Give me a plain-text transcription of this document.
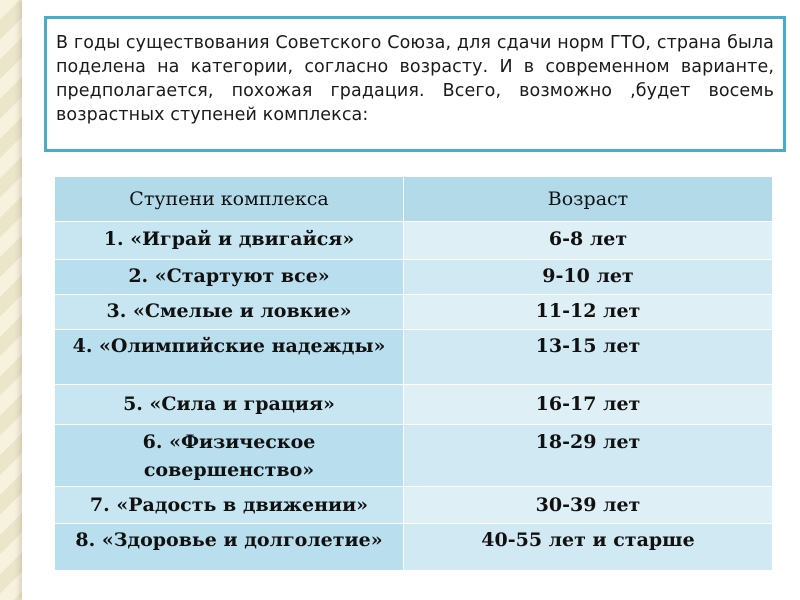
В годы существования Советского Союза, для сдачи норм ГТО, страна была поделена на категории, согласно возрасту. И в современном варианте, предполагается, похожая градация. Всего, возможно ,будет восемь возрастных ступеней комплекса:
Ступени комплекса	Возраст
1. «Играй и двигайся»	6-8 лет
2. «Стартуют все»	9-10 лет
3. «Смелые и ловкие»	11-12 лет
4. «Олимпийские надежды»	13-15 лет
5. «Сила и грация»	16-17 лет
6. «Физическое совершенство»	18-29 лет
7. «Радость в движении»	30-39 лет
8. «Здоровье и долголетие»	40-55 лет и старше
